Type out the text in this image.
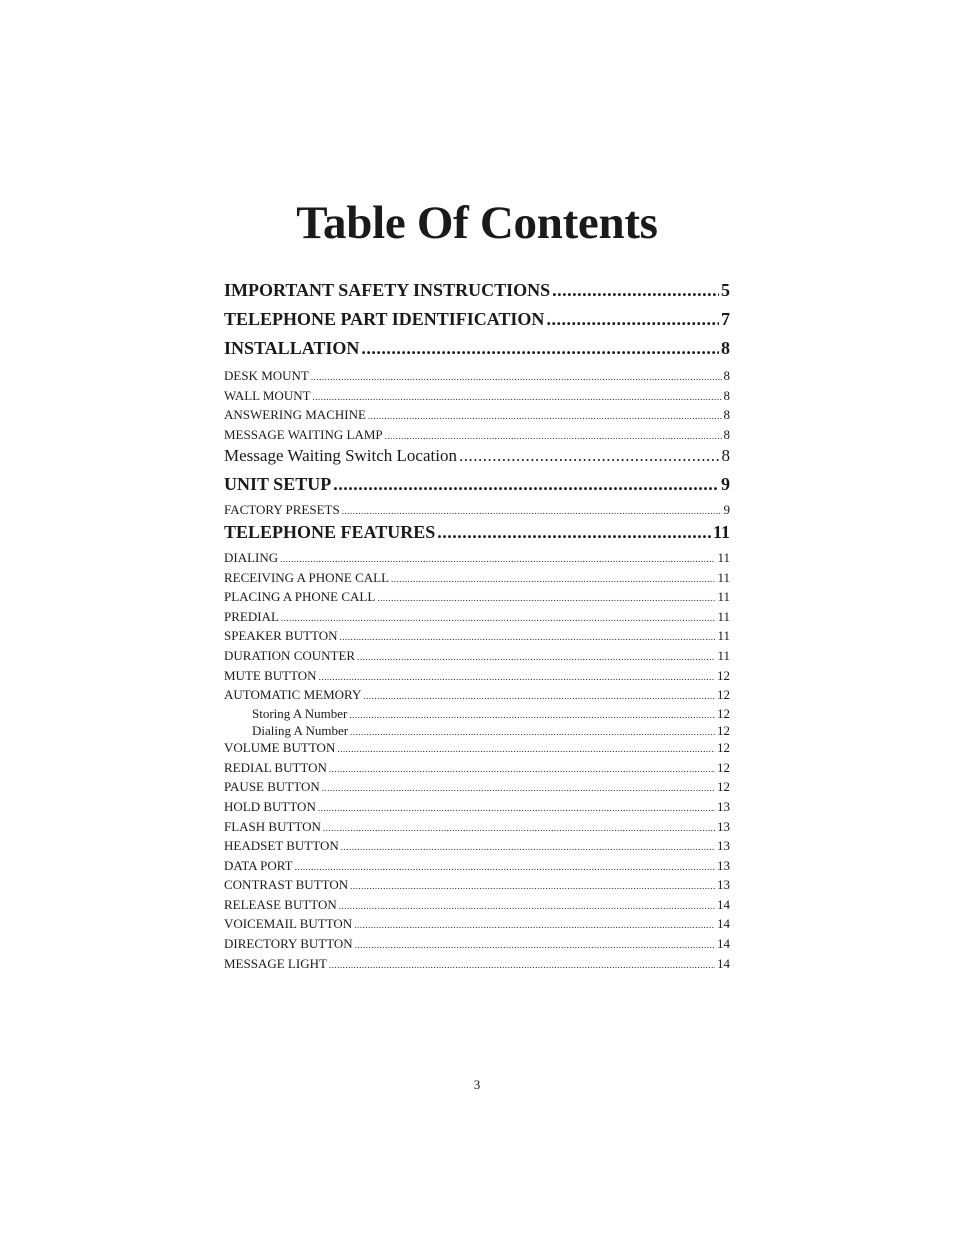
Table Of Contents
IMPORTANT SAFETY INSTRUCTIONS .....	5
TELEPHONE PART IDENTIFICATION .....	7
INSTALLATION .....	8
DESK MOUNT .....	8
WALL MOUNT .....	8
ANSWERING MACHINE .....	8
MESSAGE WAITING LAMP .....	8
Message Waiting Switch Location .....	8
UNIT SETUP .....	9
FACTORY PRESETS .....	9
TELEPHONE FEATURES .....	11
DIALING .....	11
RECEIVING A PHONE CALL .....	11
PLACING A PHONE CALL .....	11
PREDIAL .....	11
SPEAKER BUTTON .....	11
DURATION COUNTER .....	11
MUTE BUTTON .....	12
AUTOMATIC MEMORY .....	12
Storing A Number .....	12
Dialing A Number .....	12
VOLUME BUTTON .....	12
REDIAL BUTTON .....	12
PAUSE BUTTON .....	12
HOLD BUTTON .....	13
FLASH BUTTON .....	13
HEADSET BUTTON .....	13
DATA PORT .....	13
CONTRAST BUTTON .....	13
RELEASE BUTTON .....	14
VOICEMAIL BUTTON .....	14
DIRECTORY BUTTON .....	14
MESSAGE LIGHT .....	14
3
